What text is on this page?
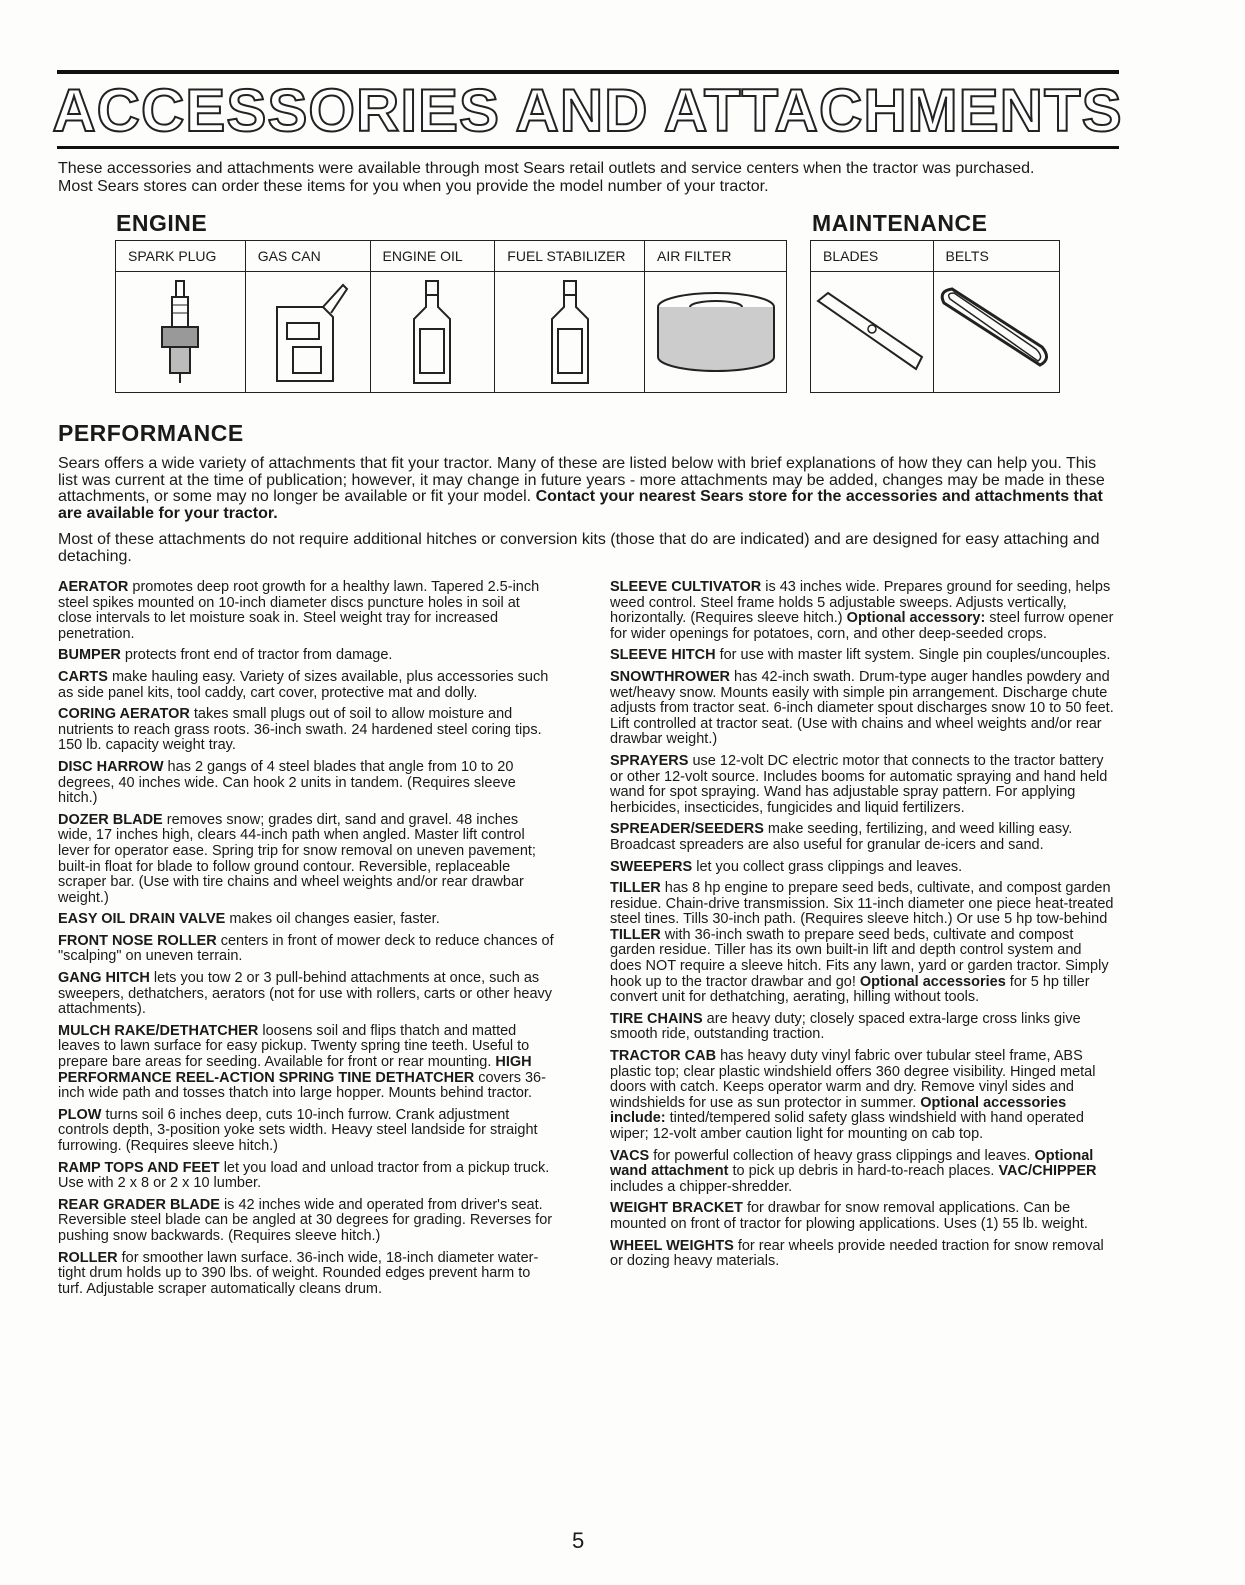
ACCESSORIES AND ATTACHMENTS
These accessories and attachments were available through most Sears retail outlets and service centers when the tractor was purchased.
Most Sears stores can order these items for you when you provide the model number of your tractor.
ENGINE	MAINTENANCE
SPARK PLUG	GAS CAN	ENGINE OIL	FUEL STABILIZER	AIR FILTER

		BLADES	BELTS

PERFORMANCE
Sears offers a wide variety of attachments that fit your tractor. Many of these are listed below with brief explanations of how they can help you. This list was current at the time of publication; however, it may change in future years - more attachments may be added, changes may be made in these attachments, or some may no longer be available or fit your model. Contact your nearest Sears store for the accessories and attachments that are available for your tractor.
Most of these attachments do not require additional hitches or conversion kits (those that do are indicated) and are designed for easy attaching and detaching.

AERATOR promotes deep root growth for a healthy lawn. Tapered 2.5-inch steel spikes mounted on 10-inch diameter discs puncture holes in soil at close intervals to let moisture soak in. Steel weight tray for increased penetration.

BUMPER protects front end of tractor from damage.

CARTS make hauling easy. Variety of sizes available, plus accessories such as side panel kits, tool caddy, cart cover, protective mat and dolly.

CORING AERATOR takes small plugs out of soil to allow moisture and nutrients to reach grass roots. 36-inch swath. 24 hardened steel coring tips. 150 lb. capacity weight tray.

DISC HARROW has 2 gangs of 4 steel blades that angle from 10 to 20 degrees, 40 inches wide. Can hook 2 units in tandem. (Requires sleeve hitch.)

DOZER BLADE removes snow; grades dirt, sand and gravel. 48 inches wide, 17 inches high, clears 44-inch path when angled. Master lift control lever for operator ease. Spring trip for snow removal on uneven pavement; built-in float for blade to follow ground contour. Reversible, replaceable scraper bar. (Use with tire chains and wheel weights and/or rear drawbar weight.)

EASY OIL DRAIN VALVE makes oil changes easier, faster.

FRONT NOSE ROLLER centers in front of mower deck to reduce chances of "scalping" on uneven terrain.

GANG HITCH lets you tow 2 or 3 pull-behind attachments at once, such as sweepers, dethatchers, aerators (not for use with rollers, carts or other heavy attachments).

MULCH RAKE/DETHATCHER loosens soil and flips thatch and matted leaves to lawn surface for easy pickup. Twenty spring tine teeth. Useful to prepare bare areas for seeding. Available for front or rear mounting. HIGH PERFORMANCE REEL-ACTION SPRING TINE DETHATCHER covers 36-inch wide path and tosses thatch into large hopper. Mounts behind tractor.

PLOW turns soil 6 inches deep, cuts 10-inch furrow. Crank adjustment controls depth, 3-position yoke sets width. Heavy steel landside for straight furrowing. (Requires sleeve hitch.)

RAMP TOPS AND FEET let you load and unload tractor from a pickup truck. Use with 2 x 8 or 2 x 10 lumber.

REAR GRADER BLADE is 42 inches wide and operated from driver's seat. Reversible steel blade can be angled at 30 degrees for grading. Reverses for pushing snow backwards. (Requires sleeve hitch.)

ROLLER for smoother lawn surface. 36-inch wide, 18-inch diameter water-tight drum holds up to 390 lbs. of weight. Rounded edges prevent harm to turf. Adjustable scraper automatically cleans drum.

SLEEVE CULTIVATOR is 43 inches wide. Prepares ground for seeding, helps weed control. Steel frame holds 5 adjustable sweeps. Adjusts vertically, horizontally. (Requires sleeve hitch.) Optional accessory: steel furrow opener for wider openings for potatoes, corn, and other deep-seeded crops.

SLEEVE HITCH for use with master lift system. Single pin couples/uncouples.

SNOWTHROWER has 42-inch swath. Drum-type auger handles powdery and wet/heavy snow. Mounts easily with simple pin arrangement. Discharge chute adjusts from tractor seat. 6-inch diameter spout discharges snow 10 to 50 feet. Lift controlled at tractor seat. (Use with chains and wheel weights and/or rear drawbar weight.)

SPRAYERS use 12-volt DC electric motor that connects to the tractor battery or other 12-volt source. Includes booms for automatic spraying and hand held wand for spot spraying. Wand has adjustable spray pattern. For applying herbicides, insecticides, fungicides and liquid fertilizers.

SPREADER/SEEDERS make seeding, fertilizing, and weed killing easy. Broadcast spreaders are also useful for granular de-icers and sand.

SWEEPERS let you collect grass clippings and leaves.

TILLER has 8 hp engine to prepare seed beds, cultivate, and compost garden residue. Chain-drive transmission. Six 11-inch diameter one piece heat-treated steel tines. Tills 30-inch path. (Requires sleeve hitch.) Or use 5 hp tow-behind TILLER with 36-inch swath to prepare seed beds, cultivate and compost garden residue. Tiller has its own built-in lift and depth control system and does NOT require a sleeve hitch. Fits any lawn, yard or garden tractor. Simply hook up to the tractor drawbar and go! Optional accessories for 5 hp tiller convert unit for dethatching, aerating, hilling without tools.

TIRE CHAINS are heavy duty; closely spaced extra-large cross links give smooth ride, outstanding traction.

TRACTOR CAB has heavy duty vinyl fabric over tubular steel frame, ABS plastic top; clear plastic windshield offers 360 degree visibility. Hinged metal doors with catch. Keeps operator warm and dry. Remove vinyl sides and windshields for use as sun protector in summer. Optional accessories include: tinted/tempered solid safety glass windshield with hand operated wiper; 12-volt amber caution light for mounting on cab top.

VACS for powerful collection of heavy grass clippings and leaves. Optional wand attachment to pick up debris in hard-to-reach places. VAC/CHIPPER includes a chipper-shredder.

WEIGHT BRACKET for drawbar for snow removal applications. Can be mounted on front of tractor for plowing applications. Uses (1) 55 lb. weight.

WHEEL WEIGHTS for rear wheels provide needed traction for snow removal or dozing heavy materials.

5
